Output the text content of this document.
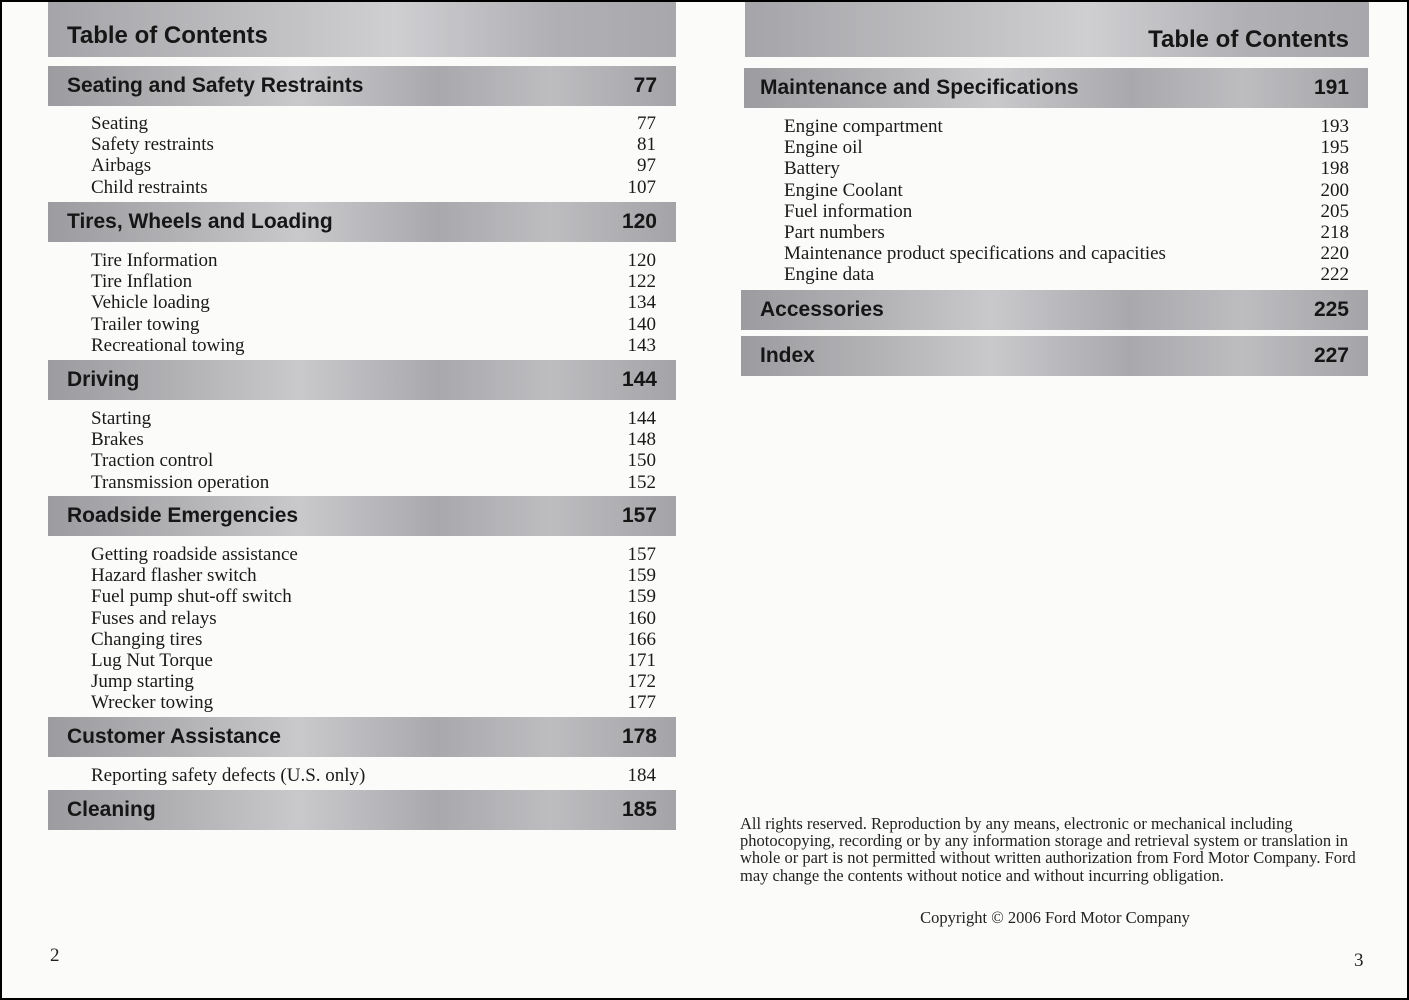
Table of Contents
Seating and Safety Restraints	77
Seating	77
Safety restraints	81
Airbags	97
Child restraints	107
Tires, Wheels and Loading	120
Tire Information	120
Tire Inflation	122
Vehicle loading	134
Trailer towing	140
Recreational towing	143
Driving	144
Starting	144
Brakes	148
Traction control	150
Transmission operation	152
Roadside Emergencies	157
Getting roadside assistance	157
Hazard flasher switch	159
Fuel pump shut-off switch	159
Fuses and relays	160
Changing tires	166
Lug Nut Torque	171
Jump starting	172
Wrecker towing	177
Customer Assistance	178
Reporting safety defects (U.S. only)	184
Cleaning	185
2
Table of Contents
Maintenance and Specifications	191
Engine compartment	193
Engine oil	195
Battery	198
Engine Coolant	200
Fuel information	205
Part numbers	218
Maintenance product specifications and capacities	220
Engine data	222
Accessories	225
Index	227
All rights reserved. Reproduction by any means, electronic or mechanical including photocopying, recording or by any information storage and retrieval system or translation in whole or part is not permitted without written authorization from Ford Motor Company. Ford may change the contents without notice and without incurring obligation.
Copyright © 2006 Ford Motor Company
3
